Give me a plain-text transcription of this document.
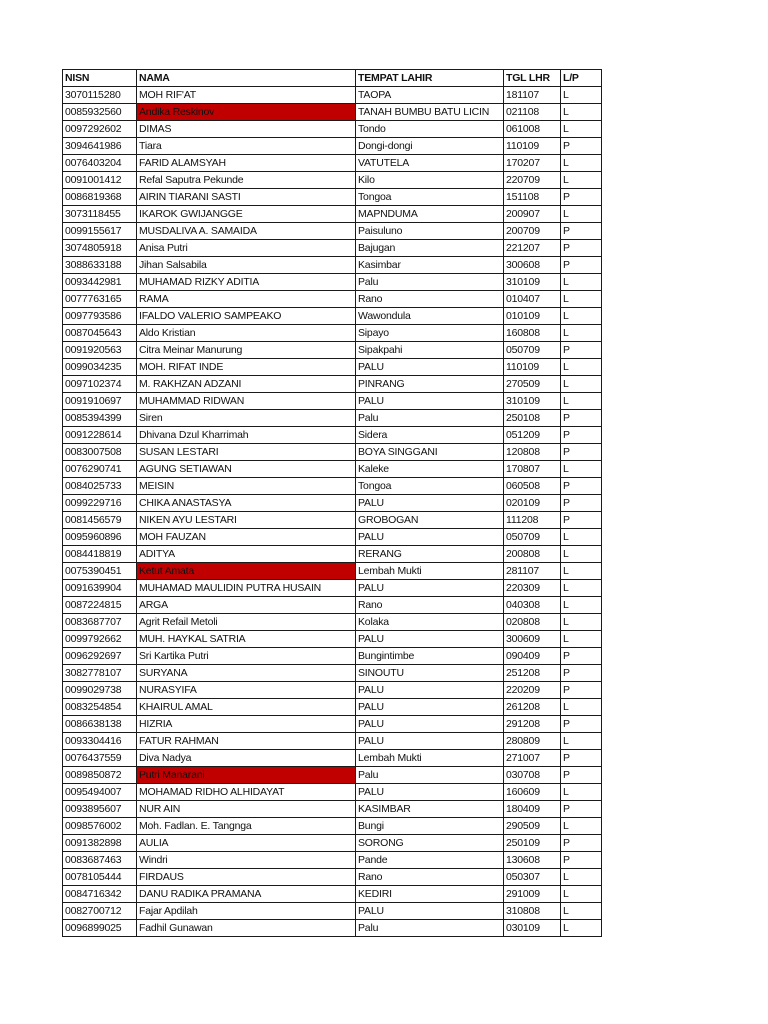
NISN	NAMA	TEMPAT LAHIR	TGL LHR	L/P
3070115280	MOH RIF'AT	TAOPA	181107	L
0085932560	Andika Reskinov	TANAH BUMBU BATU LICIN	021108	L
0097292602	DIMAS	Tondo	061008	L
3094641986	Tiara	Dongi-dongi	110109	P
0076403204	FARID ALAMSYAH	VATUTELA	170207	L
0091001412	Refal Saputra Pekunde	Kilo	220709	L
0086819368	AIRIN TIARANI SASTI	Tongoa	151108	P
3073118455	IKAROK GWIJANGGE	MAPNDUMA	200907	L
0099155617	MUSDALIVA A. SAMAIDA	Paisuluno	200709	P
3074805918	Anisa Putri	Bajugan	221207	P
3088633188	Jihan Salsabila	Kasimbar	300608	P
0093442981	MUHAMAD RIZKY ADITIA	Palu	310109	L
0077763165	RAMA	Rano	010407	L
0097793586	IFALDO VALERIO SAMPEAKO	Wawondula	010109	L
0087045643	Aldo Kristian	Sipayo	160808	L
0091920563	Citra Meinar Manurung	Sipakpahi	050709	P
0099034235	MOH. RIFAT INDE	PALU	110109	L
0097102374	M. RAKHZAN ADZANI	PINRANG	270509	L
0091910697	MUHAMMAD RIDWAN	PALU	310109	L
0085394399	Siren	Palu	250108	P
0091228614	Dhivana Dzul Kharrimah	Sidera	051209	P
0083007508	SUSAN LESTARI	BOYA SINGGANI	120808	P
0076290741	AGUNG SETIAWAN	Kaleke	170807	L
0084025733	MEISIN	Tongoa	060508	P
0099229716	CHIKA ANASTASYA	PALU	020109	P
0081456579	NIKEN AYU LESTARI	GROBOGAN	111208	P
0095960896	MOH FAUZAN	PALU	050709	L
0084418819	ADITYA	RERANG	200808	L
0075390451	Ketut Amata	Lembah Mukti	281107	L
0091639904	MUHAMAD MAULIDIN PUTRA HUSAIN	PALU	220309	L
0087224815	ARGA	Rano	040308	L
0083687707	Agrit Refail Metoli	Kolaka	020808	L
0099792662	MUH. HAYKAL SATRIA	PALU	300609	L
0096292697	Sri Kartika Putri	Bungintimbe	090409	P
3082778107	SURYANA	SINOUTU	251208	P
0099029738	NURASYIFA	PALU	220209	P
0083254854	KHAIRUL AMAL	PALU	261208	L
0086638138	HIZRIA	PALU	291208	P
0093304416	FATUR RAHMAN	PALU	280809	L
0076437559	Diva Nadya	Lembah Mukti	271007	P
0089850872	Putri Manarani	Palu	030708	P
0095494007	MOHAMAD RIDHO ALHIDAYAT	PALU	160609	L
0093895607	NUR AIN	KASIMBAR	180409	P
0098576002	Moh. Fadlan. E. Tangnga	Bungi	290509	L
0091382898	AULIA	SORONG	250109	P
0083687463	Windri	Pande	130608	P
0078105444	FIRDAUS	Rano	050307	L
0084716342	DANU RADIKA PRAMANA	KEDIRI	291009	L
0082700712	Fajar Apdilah	PALU	310808	L
0096899025	Fadhil Gunawan	Palu	030109	L
